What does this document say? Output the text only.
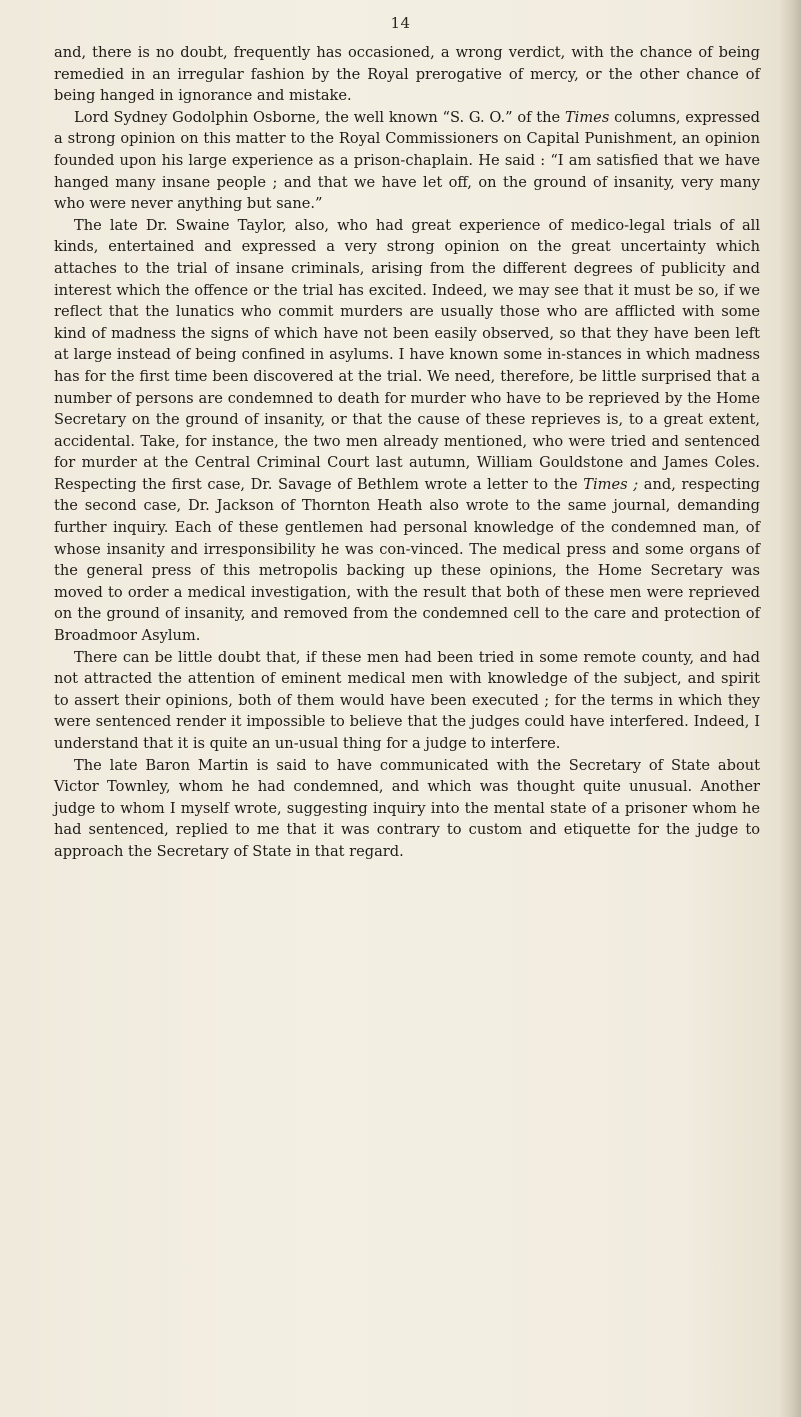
14

and, there is no doubt, frequently has occasioned, a wrong verdict, with the chance of being remedied in an irregular fashion by the Royal prerogative of mercy, or the other chance of being hanged in ignorance and mistake.

Lord Sydney Godolphin Osborne, the well known “S. G. O.” of the Times columns, expressed a strong opinion on this matter to the Royal Commissioners on Capital Punishment, an opinion founded upon his large experience as a prison-chaplain. He said : “I am satisfied that we have hanged many insane people ; and that we have let off, on the ground of insanity, very many who were never anything but sane.”

The late Dr. Swaine Taylor, also, who had great experience of medico-legal trials of all kinds, entertained and expressed a very strong opinion on the great uncertainty which attaches to the trial of insane criminals, arising from the different degrees of publicity and interest which the offence or the trial has excited. Indeed, we may see that it must be so, if we reflect that the lunatics who commit murders are usually those who are afflicted with some kind of madness the signs of which have not been easily observed, so that they have been left at large instead of being confined in asylums. I have known some in-stances in which madness has for the first time been discovered at the trial. We need, therefore, be little surprised that a number of persons are condemned to death for murder who have to be reprieved by the Home Secretary on the ground of insanity, or that the cause of these reprieves is, to a great extent, accidental. Take, for instance, the two men already mentioned, who were tried and sentenced for murder at the Central Criminal Court last autumn, William Gouldstone and James Coles. Respecting the first case, Dr. Savage of Bethlem wrote a letter to the Times ; and, respecting the second case, Dr. Jackson of Thornton Heath also wrote to the same journal, demanding further inquiry. Each of these gentlemen had personal knowledge of the condemned man, of whose insanity and irresponsibility he was con-vinced. The medical press and some organs of the general press of this metropolis backing up these opinions, the Home Secretary was moved to order a medical investigation, with the result that both of these men were reprieved on the ground of insanity, and removed from the condemned cell to the care and protection of Broadmoor Asylum.

There can be little doubt that, if these men had been tried in some remote county, and had not attracted the attention of eminent medical men with knowledge of the subject, and spirit to assert their opinions, both of them would have been executed ; for the terms in which they were sentenced render it impossible to believe that the judges could have interfered. Indeed, I understand that it is quite an un-usual thing for a judge to interfere.

The late Baron Martin is said to have communicated with the Secretary of State about Victor Townley, whom he had condemned, and which was thought quite unusual. Another judge to whom I myself wrote, suggesting inquiry into the mental state of a prisoner whom he had sentenced, replied to me that it was contrary to custom and etiquette for the judge to approach the Secretary of State in that regard.
